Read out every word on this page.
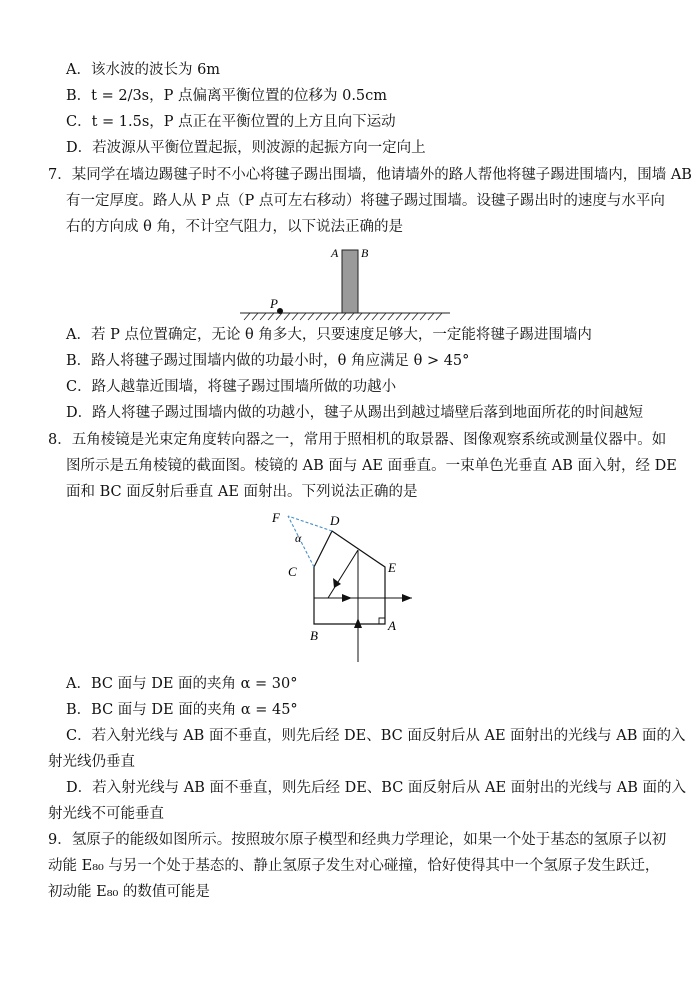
A．该水波的波长为 6m
B．t = 2/3s，P 点偏离平衡位置的位移为 0.5cm
C．t = 1.5s，P 点正在平衡位置的上方且向下运动
D．若波源从平衡位置起振，则波源的起振方向一定向上
7．某同学在墙边踢毽子时不小心将毽子踢出围墙，他请墙外的路人帮他将毽子踢进围墙内，围墙 AB
有一定厚度。路人从 P 点（P 点可左右移动）将毽子踢过围墙。设毽子踢出时的速度与水平向
右的方向成 θ 角，不计空气阻力，以下说法正确的是
P
A B
A．若 P 点位置确定，无论 θ 角多大，只要速度足够大，一定能将毽子踢进围墙内
B．路人将毽子踢过围墙内做的功最小时，θ 角应满足 θ > 45°
C．路人越靠近围墙，将毽子踢过围墙所做的功越小
D．路人将毽子踢过围墙内做的功越小，毽子从踢出到越过墙壁后落到地面所花的时间越短
8．五角棱镜是光束定角度转向器之一，常用于照相机的取景器、图像观察系统或测量仪器中。如
图所示是五角棱镜的截面图。棱镜的 AB 面与 AE 面垂直。一束单色光垂直 AB 面入射，经 DE
面和 BC 面反射后垂直 AE 面射出。下列说法正确的是
F
α
D
C	E
B
A
A．BC 面与 DE 面的夹角 α = 30°
B．BC 面与 DE 面的夹角 α = 45°
C．若入射光线与 AB 面不垂直，则先后经 DE、BC 面反射后从 AE 面射出的光线与 AB 面的入
射光线仍垂直
D．若入射光线与 AB 面不垂直，则先后经 DE、BC 面反射后从 AE 面射出的光线与 AB 面的入
射光线不可能垂直
9．氢原子的能级如图所示。按照玻尔原子模型和经典力学理论，如果一个处于基态的氢原子以初
动能 E₈₀ 与另一个处于基态的、静止氢原子发生对心碰撞，恰好使得其中一个氢原子发生跃迁，
初动能 E₈₀ 的数值可能是
